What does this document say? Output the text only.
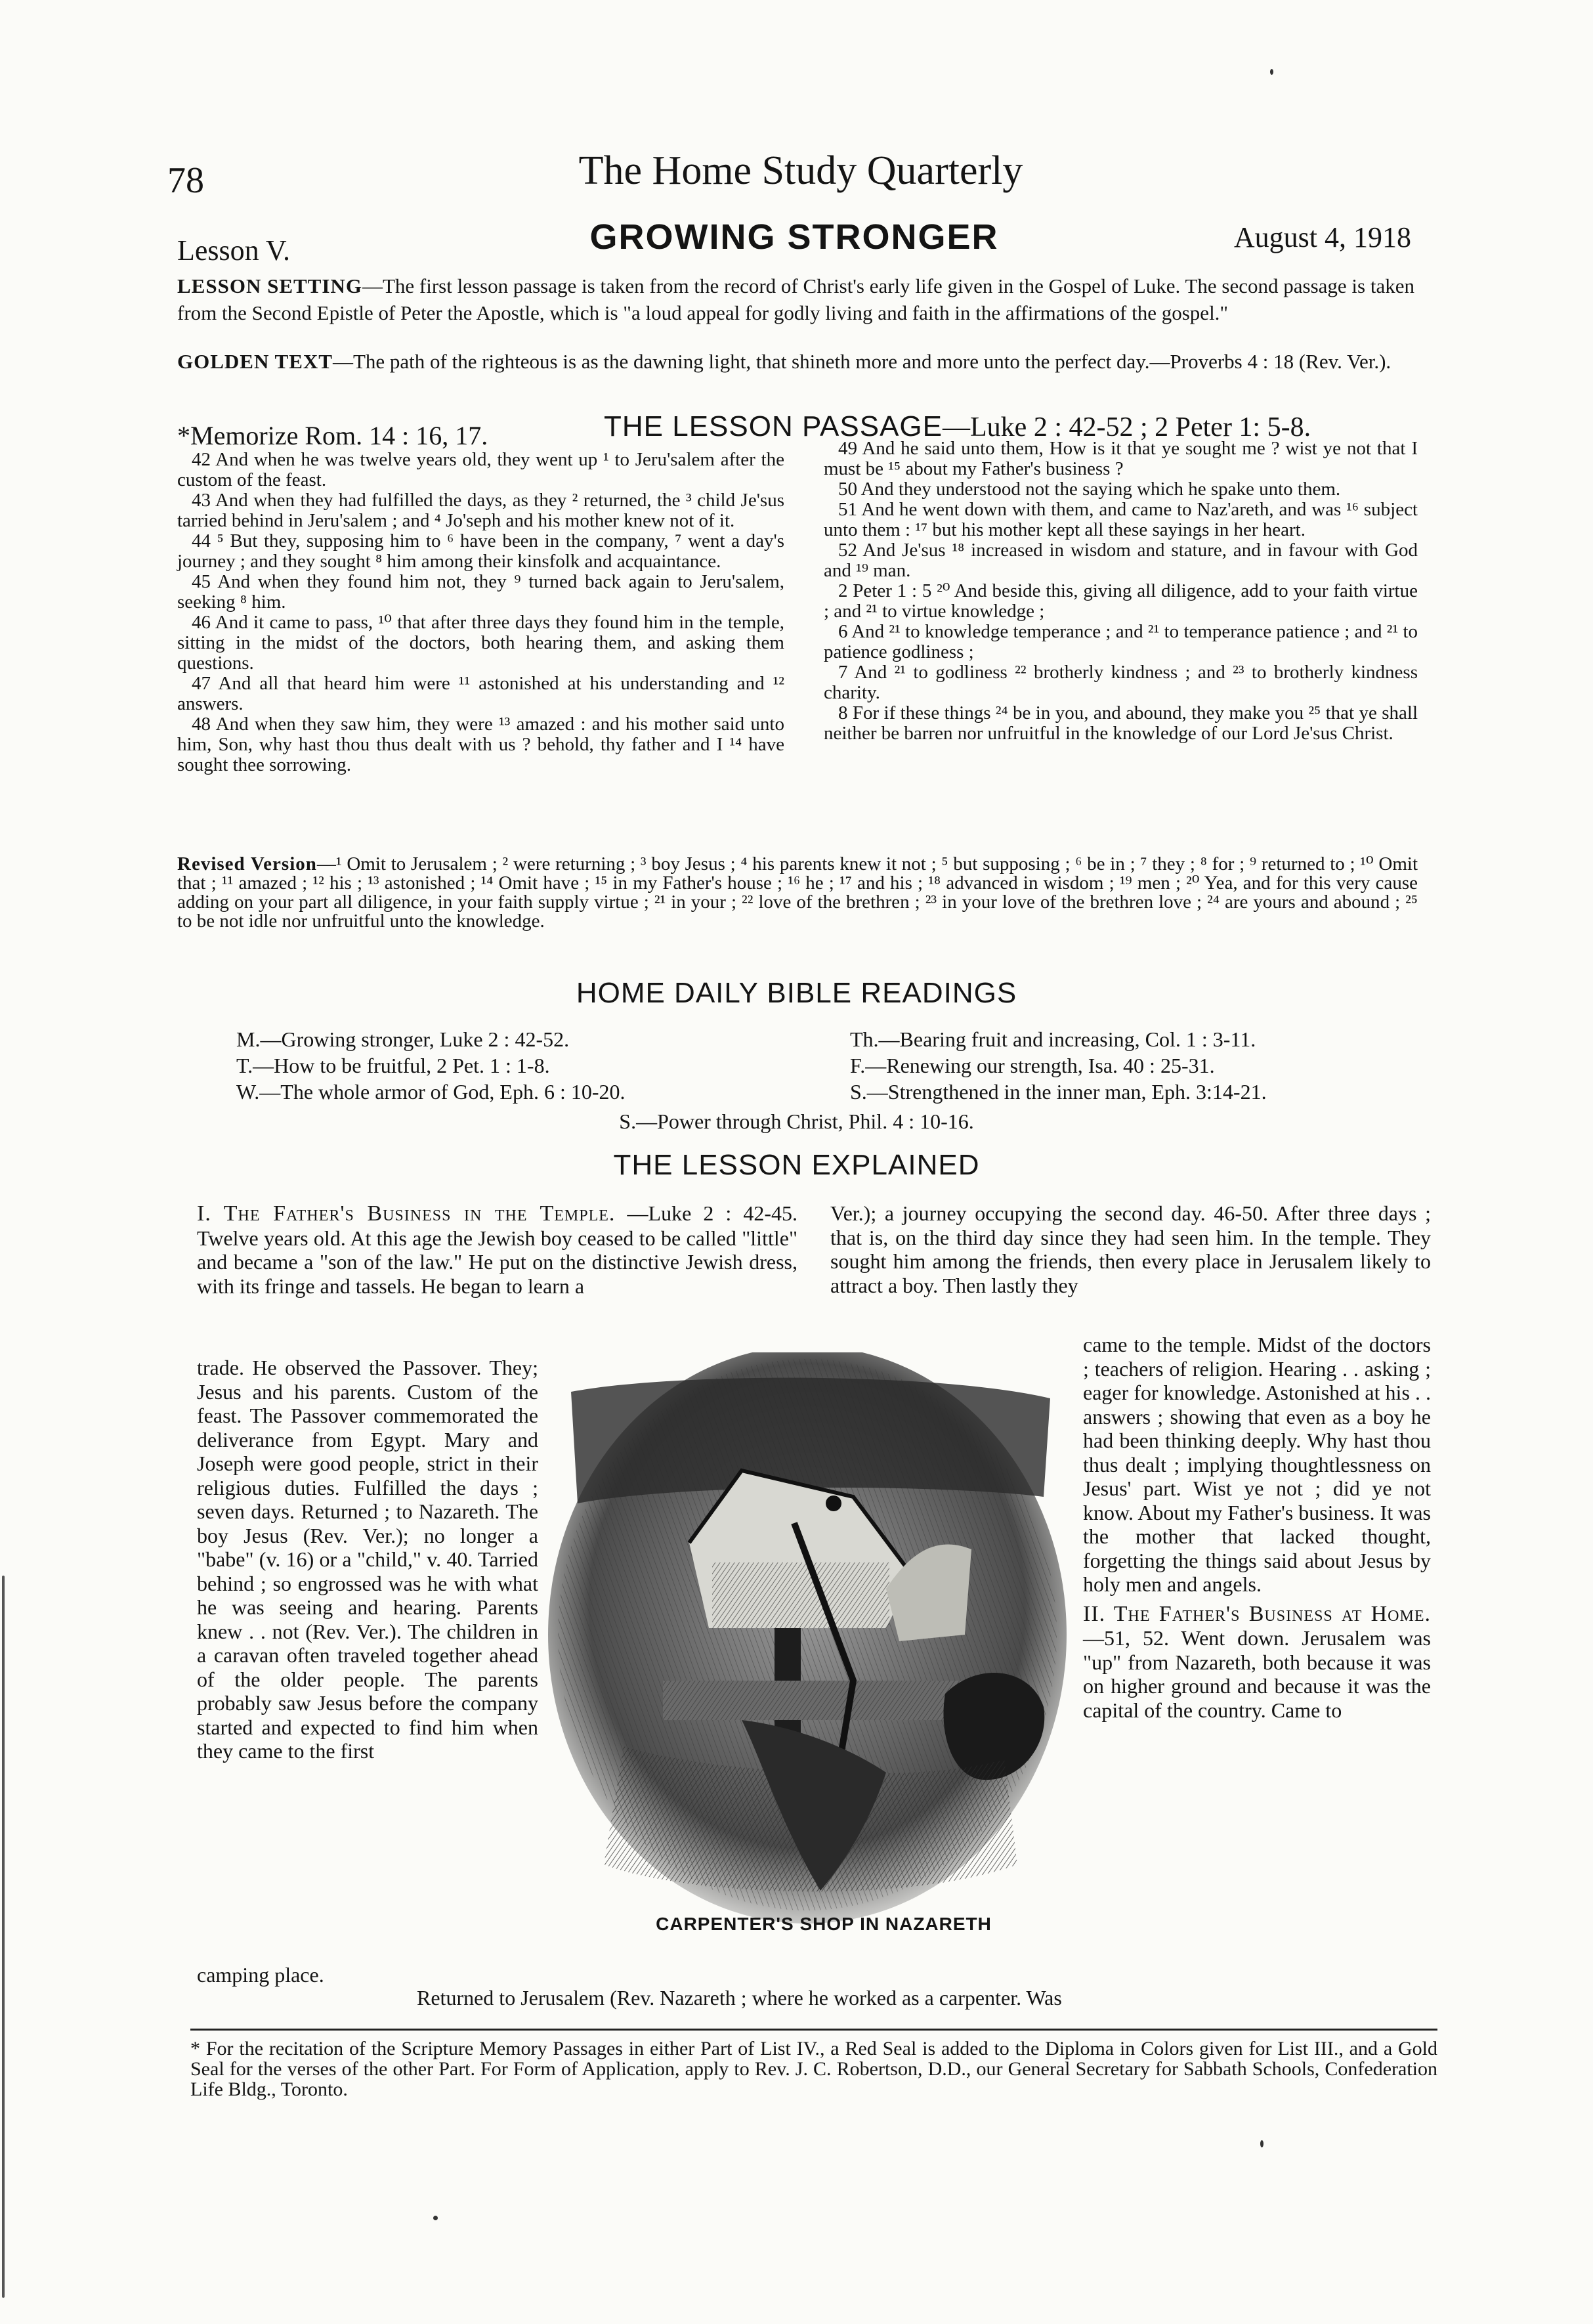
78	The Home Study Quarterly
Lesson V.	GROWING STRONGER	August 4, 1918
LESSON SETTING—The first lesson passage is taken from the record of Christ's early life given in the Gospel of Luke. The second passage is taken from the Second Epistle of Peter the Apostle, which is "a loud appeal for godly living and faith in the affirmations of the gospel."
GOLDEN TEXT—The path of the righteous is as the dawning light, that shineth more and more unto the perfect day.—Proverbs 4 : 18 (Rev. Ver.).
*Memorize Rom. 14 : 16, 17.	THE LESSON PASSAGE—Luke 2 : 42-52 ; 2 Peter 1: 5-8.

42 And when he was twelve years old, they went up ¹ to Jeru'salem after the custom of the feast.

43 And when they had fulfilled the days, as they ² returned, the ³ child Je'sus tarried behind in Jeru'salem ; and ⁴ Jo'seph and his mother knew not of it.

44 ⁵ But they, supposing him to ⁶ have been in the company, ⁷ went a day's journey ; and they sought ⁸ him among their kinsfolk and acquaintance.

45 And when they found him not, they ⁹ turned back again to Jeru'salem, seeking ⁸ him.

46 And it came to pass, ¹⁰ that after three days they found him in the temple, sitting in the midst of the doctors, both hearing them, and asking them questions.

47 And all that heard him were ¹¹ astonished at his understanding and ¹² answers.

48 And when they saw him, they were ¹³ amazed : and his mother said unto him, Son, why hast thou thus dealt with us ? behold, thy father and I ¹⁴ have sought thee sorrowing.

49 And he said unto them, How is it that ye sought me ? wist ye not that I must be ¹⁵ about my Father's business ?

50 And they understood not the saying which he spake unto them.

51 And he went down with them, and came to Naz'areth, and was ¹⁶ subject unto them : ¹⁷ but his mother kept all these sayings in her heart.

52 And Je'sus ¹⁸ increased in wisdom and stature, and in favour with God and ¹⁹ man.

2 Peter 1 : 5 ²⁰ And beside this, giving all diligence, add to your faith virtue ; and ²¹ to virtue knowledge ;

6 And ²¹ to knowledge temperance ; and ²¹ to temperance patience ; and ²¹ to patience godliness ;

7 And ²¹ to godliness ²² brotherly kindness ; and ²³ to brotherly kindness charity.

8 For if these things ²⁴ be in you, and abound, they make you ²⁵ that ye shall neither be barren nor unfruitful in the knowledge of our Lord Je'sus Christ.

Revised Version—¹ Omit to Jerusalem ; ² were returning ; ³ boy Jesus ; ⁴ his parents knew it not ; ⁵ but supposing ; ⁶ be in ; ⁷ they ; ⁸ for ; ⁹ returned to ; ¹⁰ Omit that ; ¹¹ amazed ; ¹² his ; ¹³ astonished ; ¹⁴ Omit have ; ¹⁵ in my Father's house ; ¹⁶ he ; ¹⁷ and his ; ¹⁸ advanced in wisdom ; ¹⁹ men ; ²⁰ Yea, and for this very cause adding on your part all diligence, in your faith supply virtue ; ²¹ in your ; ²² love of the brethren ; ²³ in your love of the brethren love ; ²⁴ are yours and abound ; ²⁵ to be not idle nor unfruitful unto the knowledge.
HOME DAILY BIBLE READINGS
M.—Growing stronger, Luke 2 : 42-52.
T.—How to be fruitful, 2 Pet. 1 : 1-8.
W.—The whole armor of God, Eph. 6 : 10-20.
Th.—Bearing fruit and increasing, Col. 1 : 3-11.
F.—Renewing our strength, Isa. 40 : 25-31.
S.—Strengthened in the inner man, Eph. 3:14-21.
S.—Power through Christ, Phil. 4 : 10-16.
THE LESSON EXPLAINED
I. The Father's Business in the Temple. —Luke 2 : 42-45. Twelve years old. At this age the Jewish boy ceased to be called "little" and became a "son of the law." He put on the distinctive Jewish dress, with its fringe and tassels. He began to learn a
trade. He observed the Passover. They; Jesus and his parents. Custom of the feast. The Passover commemorated the deliverance from Egypt. Mary and Joseph were good people, strict in their religious duties. Fulfilled the days ; seven days. Returned ; to Nazareth. The boy Jesus (Rev. Ver.); no longer a "babe" (v. 16) or a "child," v. 40. Tarried behind ; so engrossed was he with what he was seeing and hearing. Parents knew . . not (Rev. Ver.). The children in a caravan often traveled together ahead of the older people. The parents probably saw Jesus before the company started and expected to find him when they came to the first
Ver.); a journey occupying the second day. 46-50. After three days ; that is, on the third day since they had seen him. In the temple. They sought him among the friends, then every place in Jerusalem likely to attract a boy. Then lastly they
came to the temple. Midst of the doctors ; teachers of religion. Hearing . . asking ; eager for knowledge. Astonished at his . . answers ; showing that even as a boy he had been thinking deeply. Why hast thou thus dealt ; implying thoughtlessness on Jesus' part. Wist ye not ; did ye not know. About my Father's business. It was the mother that lacked thought, forgetting the things said about Jesus by holy men and angels.
II. The Father's Business at Home.—51, 52. Went down. Jerusalem was "up" from Nazareth, both because it was on higher ground and because it was the capital of the country. Came to
camping place.
Returned to Jerusalem (Rev. Nazareth ; where he worked as a carpenter. Was
CARPENTER'S SHOP IN NAZARETH
* For the recitation of the Scripture Memory Passages in either Part of List IV., a Red Seal is added to the Diploma in Colors given for List III., and a Gold Seal for the verses of the other Part. For Form of Application, apply to Rev. J. C. Robertson, D.D., our General Secretary for Sabbath Schools, Confederation Life Bldg., Toronto.
